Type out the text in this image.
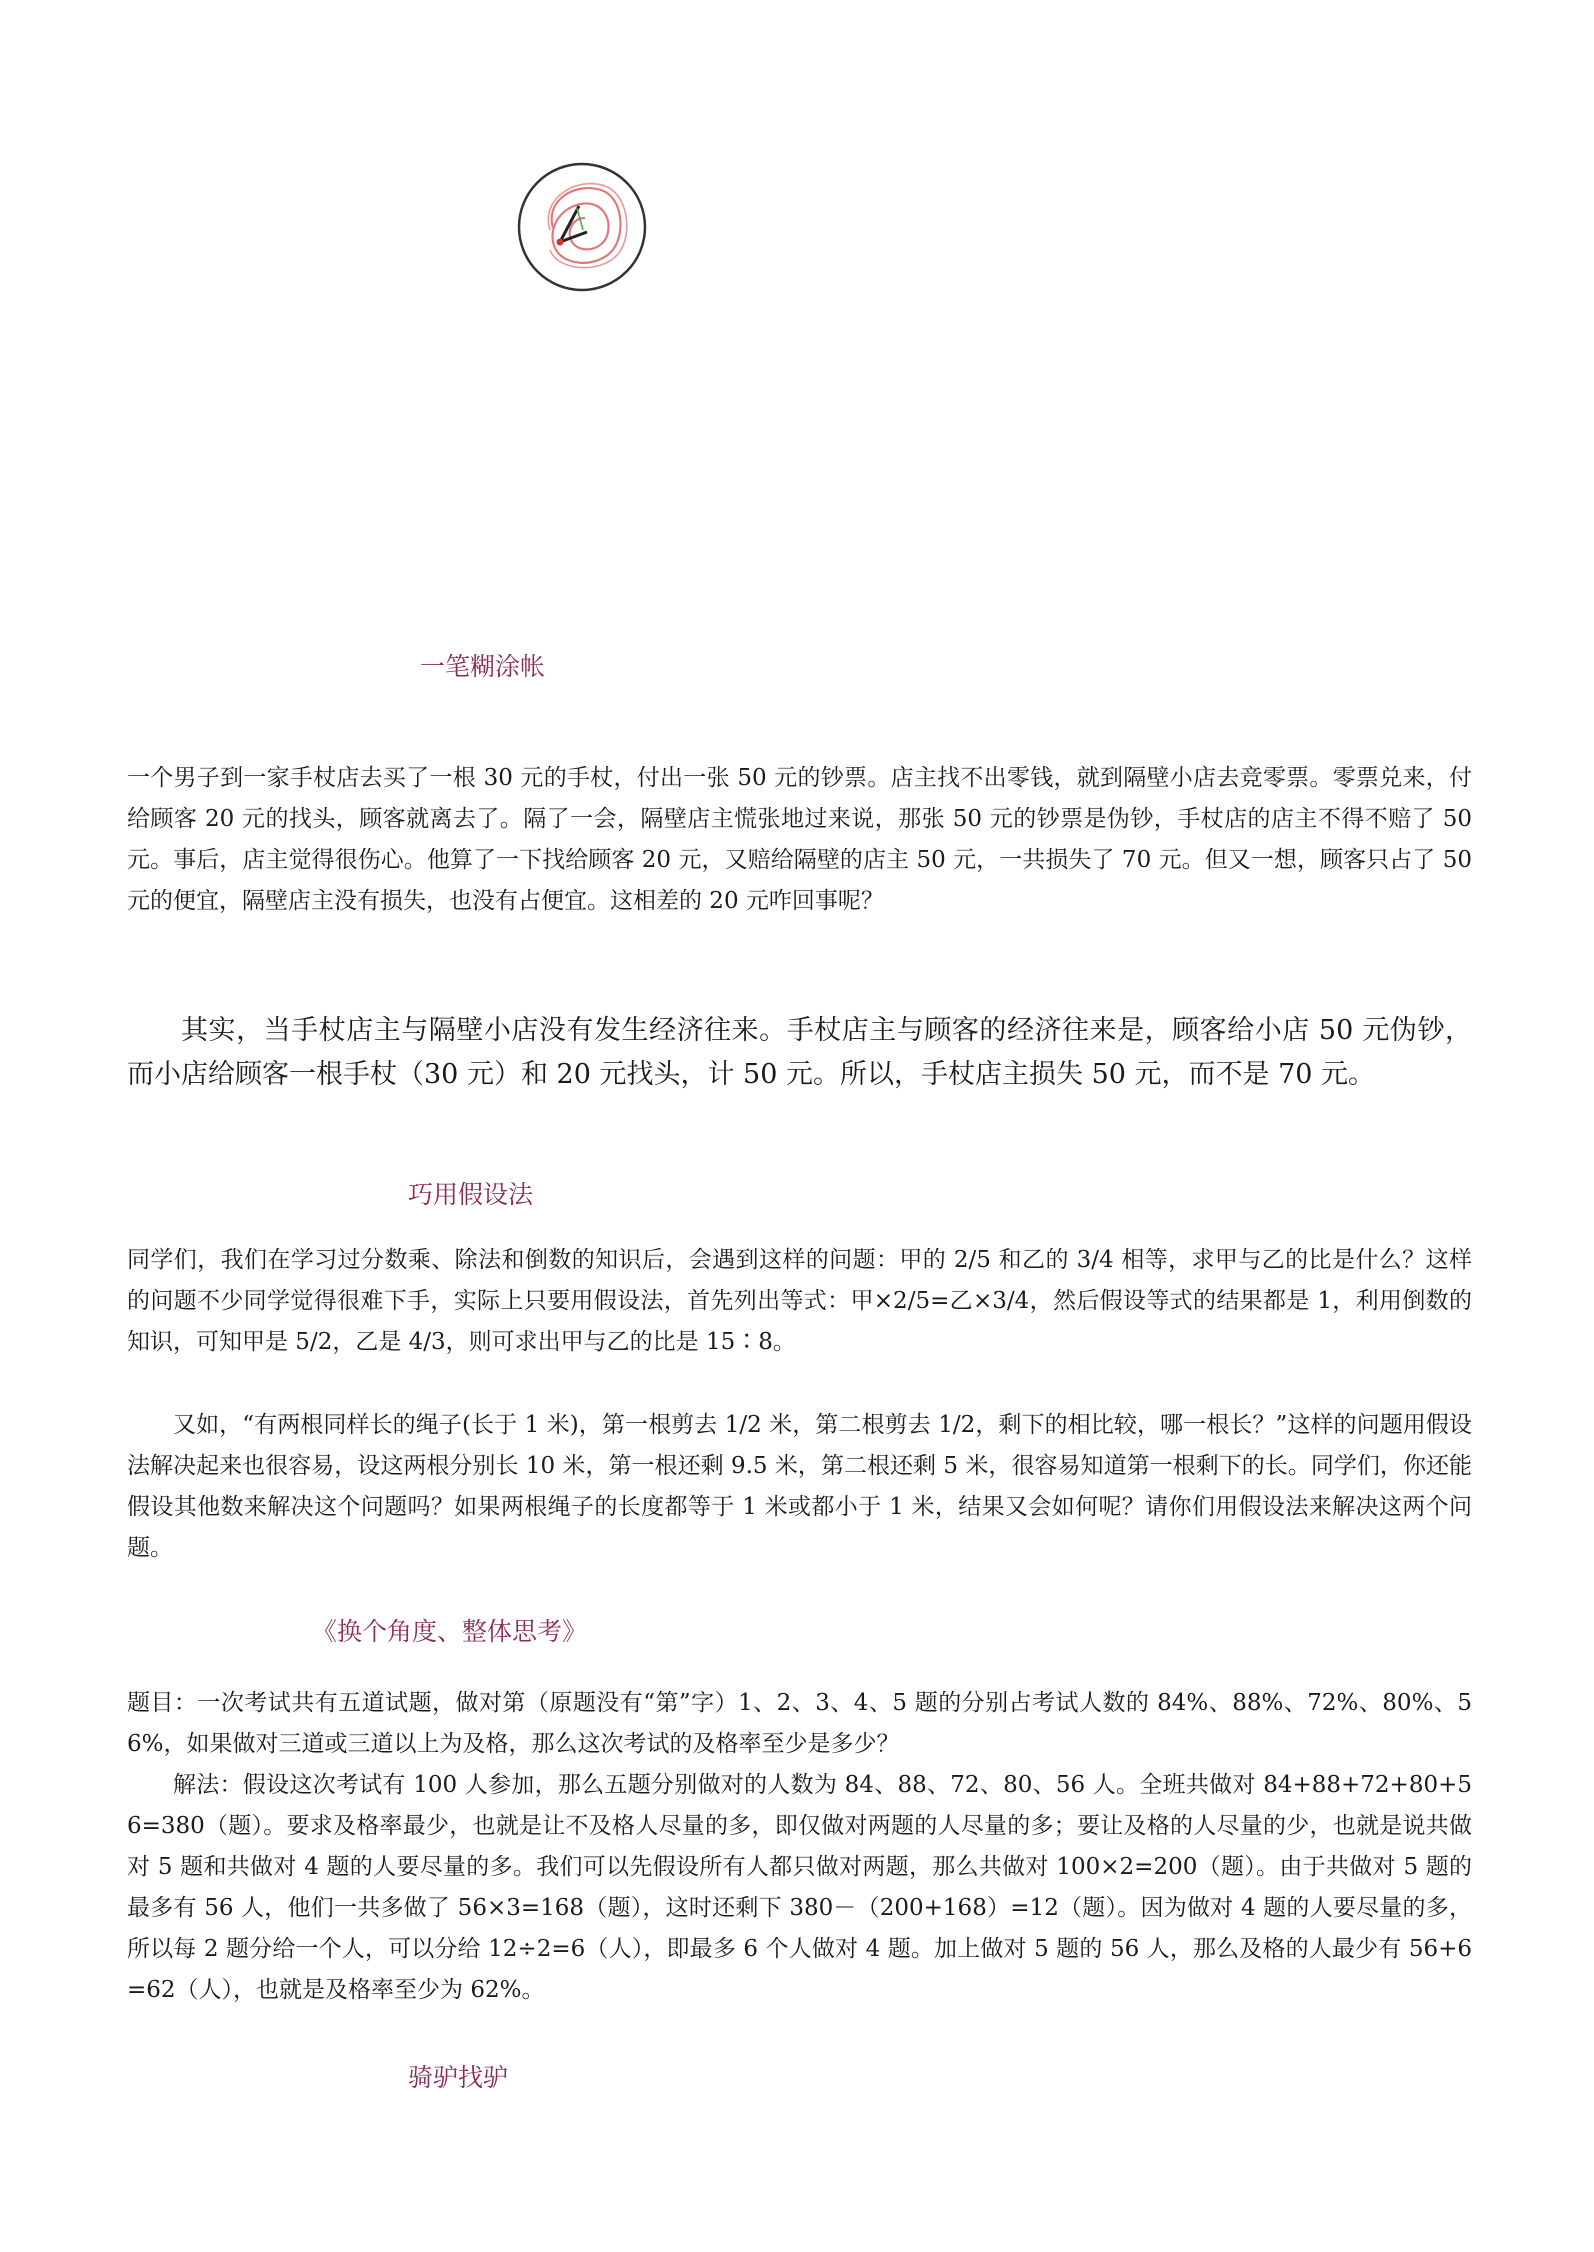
一笔糊涂帐

一个男子到一家手杖店去买了一根 30 元的手杖，付出一张 50 元的钞票。店主找不出零钱，就到隔壁小店去竞零票。零票兑来，付给顾客 20 元的找头，顾客就离去了。隔了一会，隔壁店主慌张地过来说，那张 50 元的钞票是伪钞，手杖店的店主不得不赔了 50 元。事后，店主觉得很伤心。他算了一下找给顾客 20 元，又赔给隔壁的店主 50 元，一共损失了 70 元。但又一想，顾客只占了 50 元的便宜，隔壁店主没有损失，也没有占便宜。这相差的 20 元咋回事呢？

其实，当手杖店主与隔壁小店没有发生经济往来。手杖店主与顾客的经济往来是，顾客给小店 50 元伪钞，而小店给顾客一根手杖（30 元）和 20 元找头，计 50 元。所以，手杖店主损失 50 元，而不是 70 元。

巧用假设法

同学们，我们在学习过分数乘、除法和倒数的知识后，会遇到这样的问题：甲的 2/5 和乙的 3/4 相等，求甲与乙的比是什么？这样的问题不少同学觉得很难下手，实际上只要用假设法，首先列出等式：甲×2/5=乙×3/4，然后假设等式的结果都是 1，利用倒数的知识，可知甲是 5/2，乙是 4/3，则可求出甲与乙的比是 15∶8。

又如，“有两根同样长的绳子(长于 1 米)，第一根剪去 1/2 米，第二根剪去 1/2，剩下的相比较，哪一根长？”这样的问题用假设法解决起来也很容易，设这两根分别长 10 米，第一根还剩 9.5 米，第二根还剩 5 米，很容易知道第一根剩下的长。同学们，你还能假设其他数来解决这个问题吗？如果两根绳子的长度都等于 1 米或都小于 1 米，结果又会如何呢？请你们用假设法来解决这两个问题。

《换个角度、整体思考》

题目：一次考试共有五道试题，做对第（原题没有“第”字）1、2、3、4、5 题的分别占考试人数的 84%、88%、72%、80%、56%，如果做对三道或三道以上为及格，那么这次考试的及格率至少是多少？

解法：假设这次考试有 100 人参加，那么五题分别做对的人数为 84、88、72、80、56 人。全班共做对 84+88+72+80+56=380（题）。要求及格率最少，也就是让不及格人尽量的多，即仅做对两题的人尽量的多；要让及格的人尽量的少，也就是说共做对 5 题和共做对 4 题的人要尽量的多。我们可以先假设所有人都只做对两题，那么共做对 100×2=200（题）。由于共做对 5 题的最多有 56 人，他们一共多做了 56×3=168（题），这时还剩下 380－（200+168）=12（题）。因为做对 4 题的人要尽量的多，所以每 2 题分给一个人，可以分给 12÷2=6（人），即最多 6 个人做对 4 题。加上做对 5 题的 56 人，那么及格的人最少有 56+6=62（人），也就是及格率至少为 62%。

骑驴找驴
